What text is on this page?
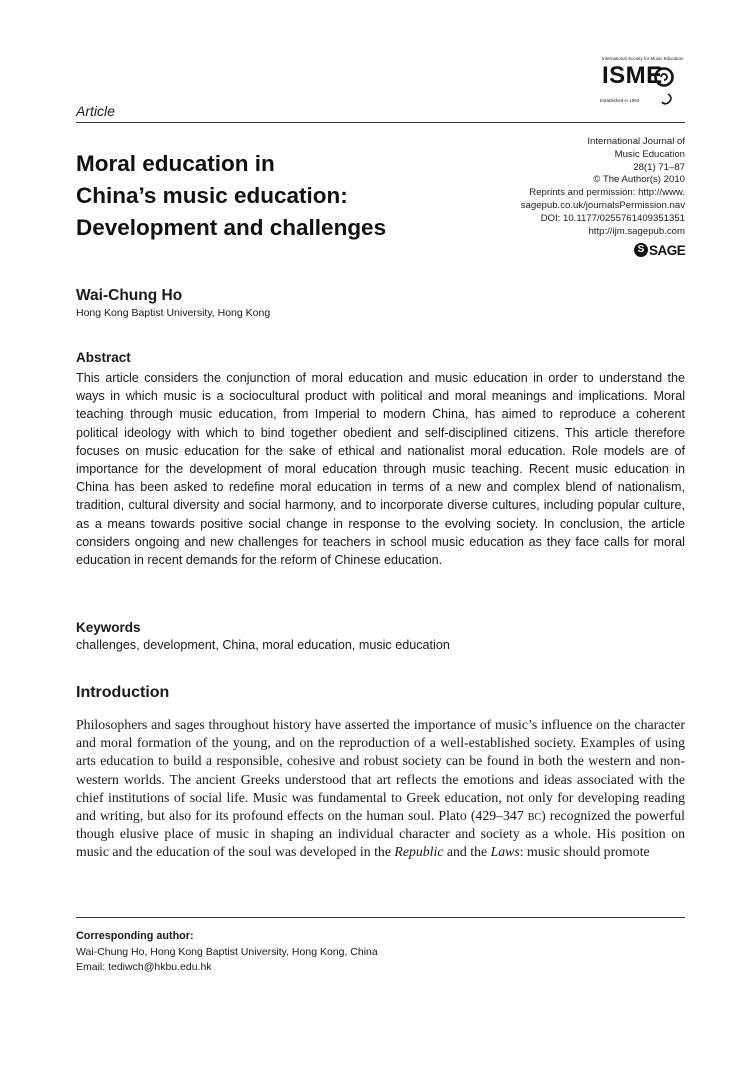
International Society for Music Education
ISME
Established in 1953
Article
Moral education in
China’s music education:
Development and challenges
International Journal of
Music Education
28(1) 71–87
© The Author(s) 2010
Reprints and permission: http://www.
sagepub.co.uk/journalsPermission.nav
DOI: 10.1177/0255761409351351
http://ijm.sagepub.com
S SAGE
Wai-Chung Ho
Hong Kong Baptist University, Hong Kong
Abstract

This article considers the conjunction of moral education and music education in order to understand the ways in which music is a sociocultural product with political and moral meanings and implications. Moral teaching through music education, from Imperial to modern China, has aimed to reproduce a coherent political ideology with which to bind together obedient and self-disciplined citizens. This article therefore focuses on music education for the sake of ethical and nationalist moral education. Role models are of importance for the development of moral education through music teaching. Recent music education in China has been asked to redefine moral education in terms of a new and complex blend of nationalism, tradition, cultural diversity and social harmony, and to incorporate diverse cultures, including popular culture, as a means towards positive social change in response to the evolving society. In conclusion, the article considers ongoing and new challenges for teachers in school music education as they face calls for moral education in recent demands for the reform of Chinese education.

Keywords
challenges, development, China, moral education, music education
Introduction

Philosophers and sages throughout history have asserted the importance of music’s influence on the character and moral formation of the young, and on the reproduction of a well-established society. Examples of using arts education to build a responsible, cohesive and robust society can be found in both the western and non-western worlds. The ancient Greeks understood that art reflects the emotions and ideas associated with the chief institutions of social life. Music was fundamental to Greek education, not only for developing reading and writing, but also for its profound effects on the human soul. Plato (429–347 bc) recognized the powerful though elusive place of music in shaping an individual character and society as a whole. His position on music and the education of the soul was developed in the Republic and the Laws: music should promote

Corresponding author:
Wai-Chung Ho, Hong Kong Baptist University, Hong Kong, China
Email: tediwch@hkbu.edu.hk
